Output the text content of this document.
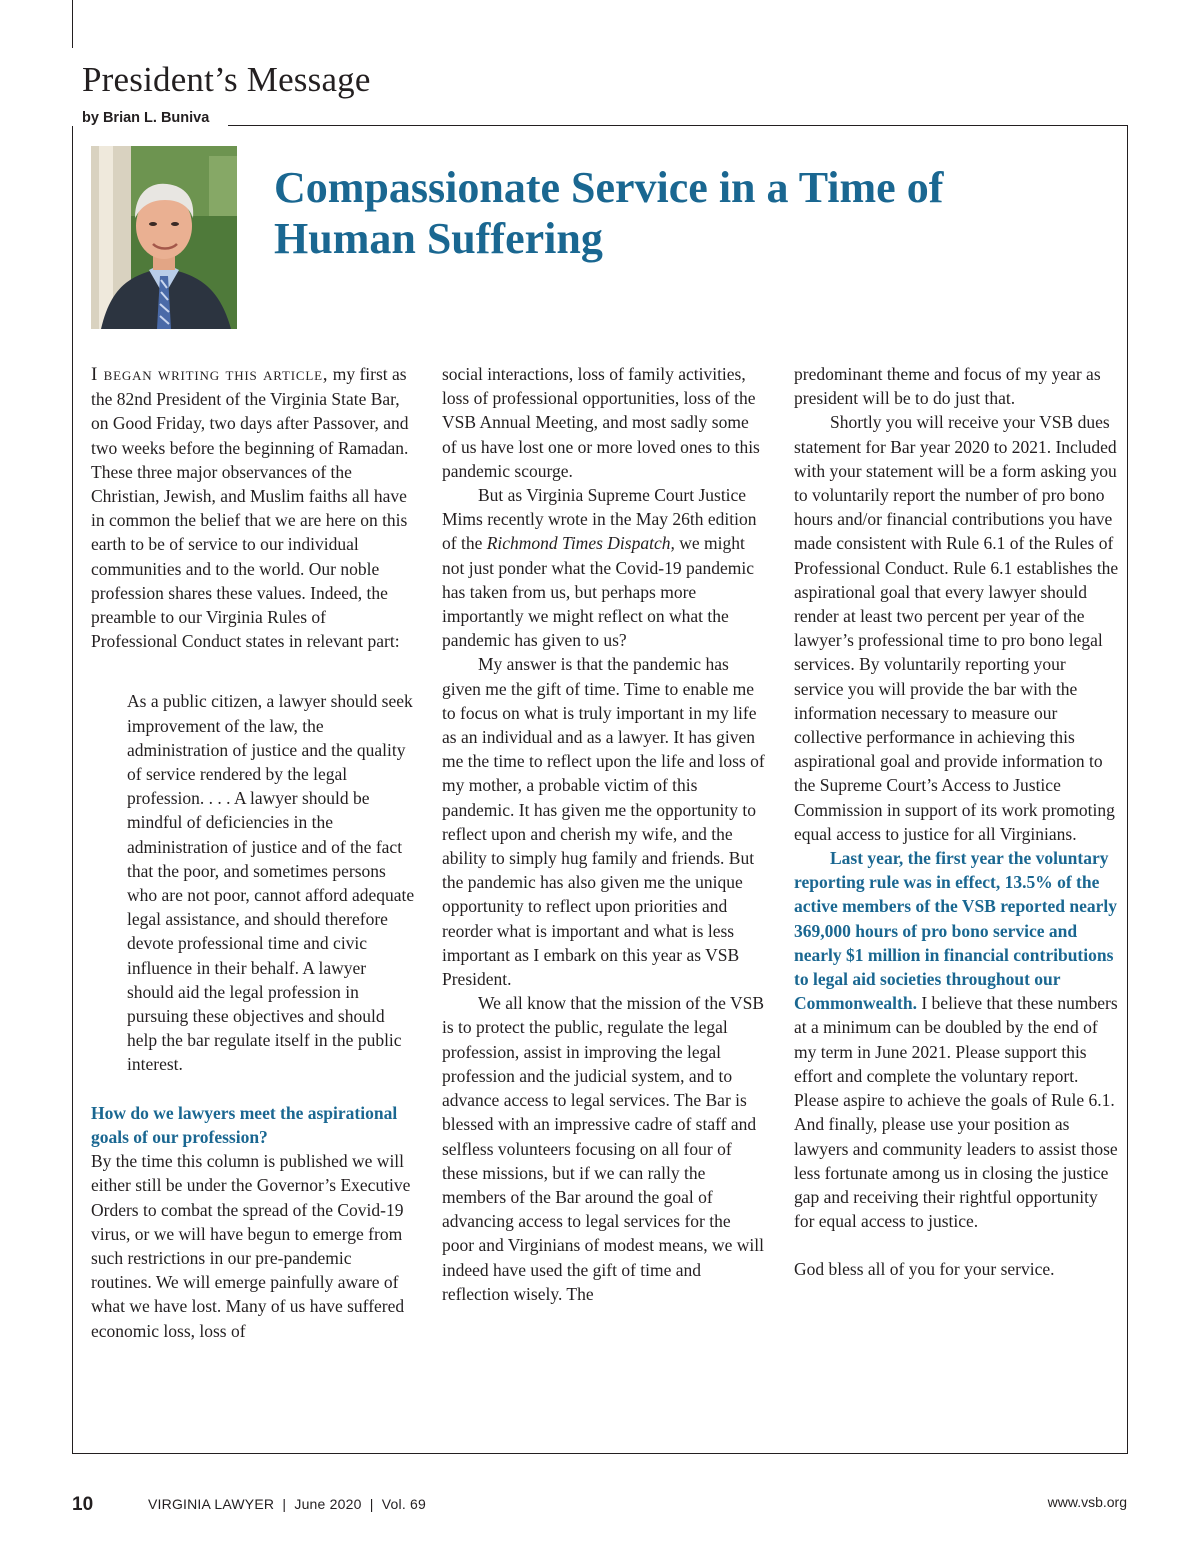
President’s Message
by Brian L. Buniva
Compassionate Service in a Time of
Human Suffering

I began writing this article, my first as the 82nd President of the Virginia State Bar, on Good Friday, two days after Passover, and two weeks before the beginning of Ramadan. These three major observances of the Christian, Jewish, and Muslim faiths all have in common the belief that we are here on this earth to be of service to our individual communities and to the world. Our noble profession shares these values. Indeed, the preamble to our Virginia Rules of Professional Conduct states in relevant part:

As a public citizen, a lawyer should seek improvement of the law, the administration of justice and the quality of service rendered by the legal profession. . . . A lawyer should be mindful of deficiencies in the administration of justice and of the fact that the poor, and sometimes persons who are not poor, cannot afford adequate legal assistance, and should therefore devote professional time and civic influence in their behalf. A lawyer should aid the legal profession in pursuing these objectives and should help the bar regulate itself in the public interest.

How do we lawyers meet the aspirational goals of our profession?

By the time this column is published we will either still be under the Governor’s Executive Orders to combat the spread of the Covid-19 virus, or we will have begun to emerge from such restrictions in our pre-pandemic routines. We will emerge painfully aware of what we have lost. Many of us have suffered economic loss, loss of

social interactions, loss of family activities, loss of professional opportunities, loss of the VSB Annual Meeting, and most sadly some of us have lost one or more loved ones to this pandemic scourge.

But as Virginia Supreme Court Justice Mims recently wrote in the May 26th edition of the Richmond Times Dispatch, we might not just ponder what the Covid-19 pandemic has taken from us, but perhaps more importantly we might reflect on what the pandemic has given to us?

My answer is that the pandemic has given me the gift of time. Time to enable me to focus on what is truly important in my life as an individual and as a lawyer. It has given me the time to reflect upon the life and loss of my mother, a probable victim of this pandemic. It has given me the opportunity to reflect upon and cherish my wife, and the ability to simply hug family and friends. But the pandemic has also given me the unique opportunity to reflect upon priorities and reorder what is important and what is less important as I embark on this year as VSB President.

We all know that the mission of the VSB is to protect the public, regulate the legal profession, assist in improving the legal profession and the judicial system, and to advance access to legal services. The Bar is blessed with an impressive cadre of staff and selfless volunteers focusing on all four of these missions, but if we can rally the members of the Bar around the goal of advancing access to legal services for the poor and Virginians of modest means, we will indeed have used the gift of time and reflection wisely. The

predominant theme and focus of my year as president will be to do just that.

Shortly you will receive your VSB dues statement for Bar year 2020 to 2021. Included with your statement will be a form asking you to voluntarily report the number of pro bono hours and/or financial contributions you have made consistent with Rule 6.1 of the Rules of Professional Conduct. Rule 6.1 establishes the aspirational goal that every lawyer should render at least two percent per year of the lawyer’s professional time to pro bono legal services. By voluntarily reporting your service you will provide the bar with the information necessary to measure our collective performance in achieving this aspirational goal and provide information to the Supreme Court’s Access to Justice Commission in support of its work promoting equal access to justice for all Virginians.

Last year, the first year the voluntary reporting rule was in effect, 13.5% of the active members of the VSB reported nearly 369,000 hours of pro bono service and nearly $1 million in financial contributions to legal aid societies throughout our Commonwealth. I believe that these numbers at a minimum can be doubled by the end of my term in June 2021. Please support this effort and complete the voluntary report. Please aspire to achieve the goals of Rule 6.1. And finally, please use your position as lawyers and community leaders to assist those less fortunate among us in closing the justice gap and receiving their rightful opportunity for equal access to justice.

God bless all of you for your service.

10	VIRGINIA LAWYER  |  June 2020  |  Vol. 69	www.vsb.org
